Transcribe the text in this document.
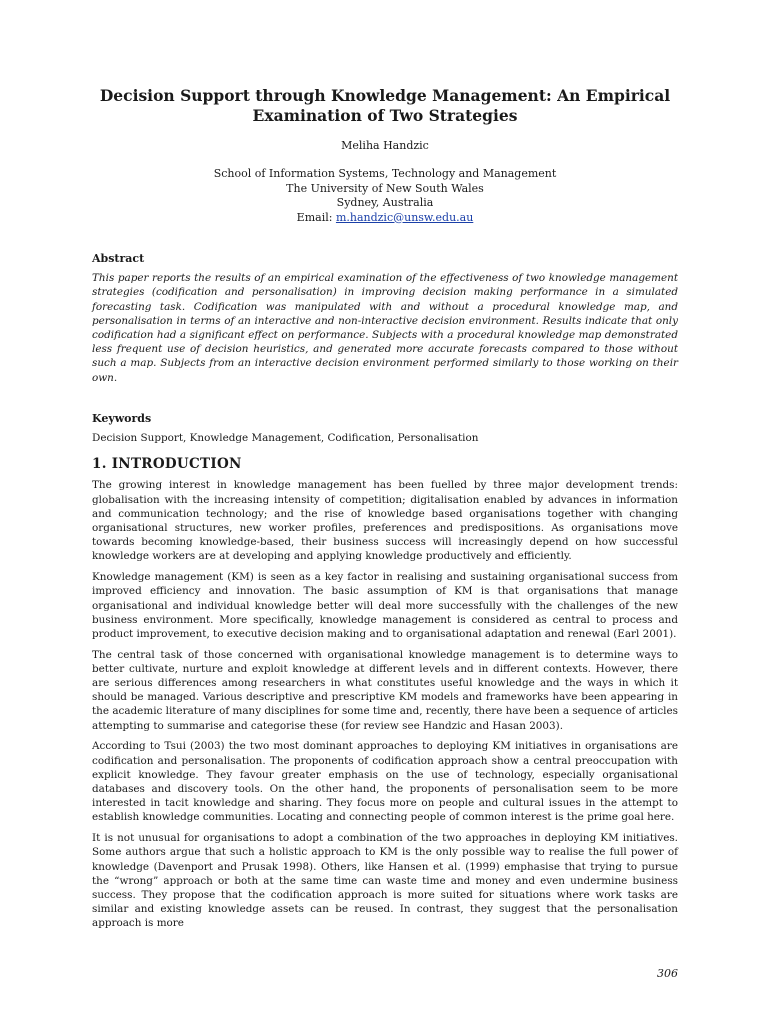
Decision Support through Knowledge Management: An Empirical Examination of Two Strategies
Meliha Handzic
School of Information Systems, Technology and Management
The University of New South Wales
Sydney, Australia
Email: m.handzic@unsw.edu.au
Abstract
This paper reports the results of an empirical examination of the effectiveness of two knowledge management strategies (codification and personalisation) in improving decision making performance in a simulated forecasting task. Codification was manipulated with and without a procedural knowledge map, and personalisation in terms of an interactive and non-interactive decision environment. Results indicate that only codification had a significant effect on performance. Subjects with a procedural knowledge map demonstrated less frequent use of decision heuristics, and generated more accurate forecasts compared to those without such a map. Subjects from an interactive decision environment performed similarly to those working on their own.
Keywords
Decision Support, Knowledge Management, Codification, Personalisation
1. INTRODUCTION

The growing interest in knowledge management has been fuelled by three major development trends: globalisation with the increasing intensity of competition; digitalisation enabled by advances in information and communication technology; and the rise of knowledge based organisations together with changing organisational structures, new worker profiles, preferences and predispositions. As organisations move towards becoming knowledge-based, their business success will increasingly depend on how successful knowledge workers are at developing and applying knowledge productively and efficiently.

Knowledge management (KM) is seen as a key factor in realising and sustaining organisational success from improved efficiency and innovation. The basic assumption of KM is that organisations that manage organisational and individual knowledge better will deal more successfully with the challenges of the new business environment. More specifically, knowledge management is considered as central to process and product improvement, to executive decision making and to organisational adaptation and renewal (Earl 2001).

The central task of those concerned with organisational knowledge management is to determine ways to better cultivate, nurture and exploit knowledge at different levels and in different contexts. However, there are serious differences among researchers in what constitutes useful knowledge and the ways in which it should be managed. Various descriptive and prescriptive KM models and frameworks have been appearing in the academic literature of many disciplines for some time and, recently, there have been a sequence of articles attempting to summarise and categorise these (for review see Handzic and Hasan 2003).

According to Tsui (2003) the two most dominant approaches to deploying KM initiatives in organisations are codification and personalisation. The proponents of codification approach show a central preoccupation with explicit knowledge. They favour greater emphasis on the use of technology, especially organisational databases and discovery tools. On the other hand, the proponents of personalisation seem to be more interested in tacit knowledge and sharing. They focus more on people and cultural issues in the attempt to establish knowledge communities. Locating and connecting people of common interest is the prime goal here.

It is not unusual for organisations to adopt a combination of the two approaches in deploying KM initiatives. Some authors argue that such a holistic approach to KM is the only possible way to realise the full power of knowledge (Davenport and Prusak 1998). Others, like Hansen et al. (1999) emphasise that trying to pursue the “wrong” approach or both at the same time can waste time and money and even undermine business success. They propose that the codification approach is more suited for situations where work tasks are similar and existing knowledge assets can be reused. In contrast, they suggest that the personalisation approach is more

306
